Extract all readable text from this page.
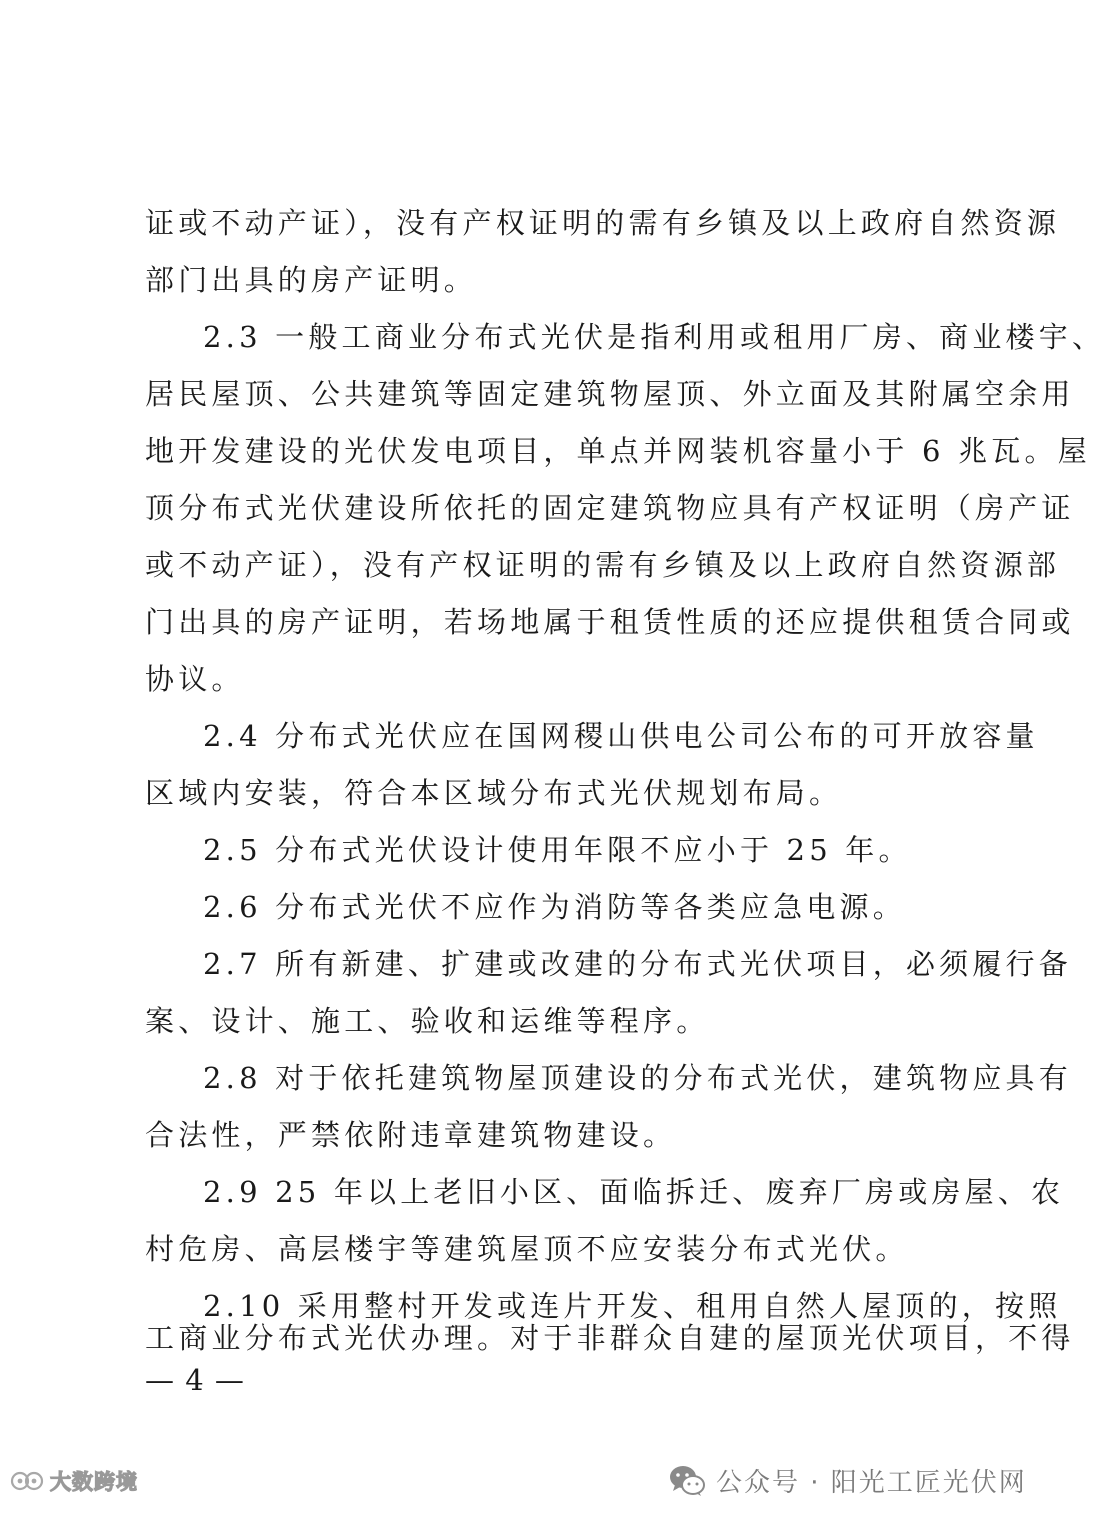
证或不动产证），没有产权证明的需有乡镇及以上政府自然资源
部门出具的房产证明。
2.3 一般工商业分布式光伏是指利用或租用厂房、商业楼宇、
居民屋顶、公共建筑等固定建筑物屋顶、外立面及其附属空余用
地开发建设的光伏发电项目，单点并网装机容量小于 6 兆瓦。屋
顶分布式光伏建设所依托的固定建筑物应具有产权证明（房产证
或不动产证），没有产权证明的需有乡镇及以上政府自然资源部
门出具的房产证明，若场地属于租赁性质的还应提供租赁合同或
协议。
2.4 分布式光伏应在国网稷山供电公司公布的可开放容量
区域内安装，符合本区域分布式光伏规划布局。
2.5 分布式光伏设计使用年限不应小于 25 年。
2.6 分布式光伏不应作为消防等各类应急电源。
2.7 所有新建、扩建或改建的分布式光伏项目，必须履行备
案、设计、施工、验收和运维等程序。
2.8 对于依托建筑物屋顶建设的分布式光伏，建筑物应具有
合法性，严禁依附违章建筑物建设。
2.9 25 年以上老旧小区、面临拆迁、废弃厂房或房屋、农
村危房、高层楼宇等建筑屋顶不应安装分布式光伏。
2.10 采用整村开发或连片开发、租用自然人屋顶的，按照
工商业分布式光伏办理。对于非群众自建的屋顶光伏项目，不得
— 4 —
大数跨境	公众号 · 阳光工匠光伏网
